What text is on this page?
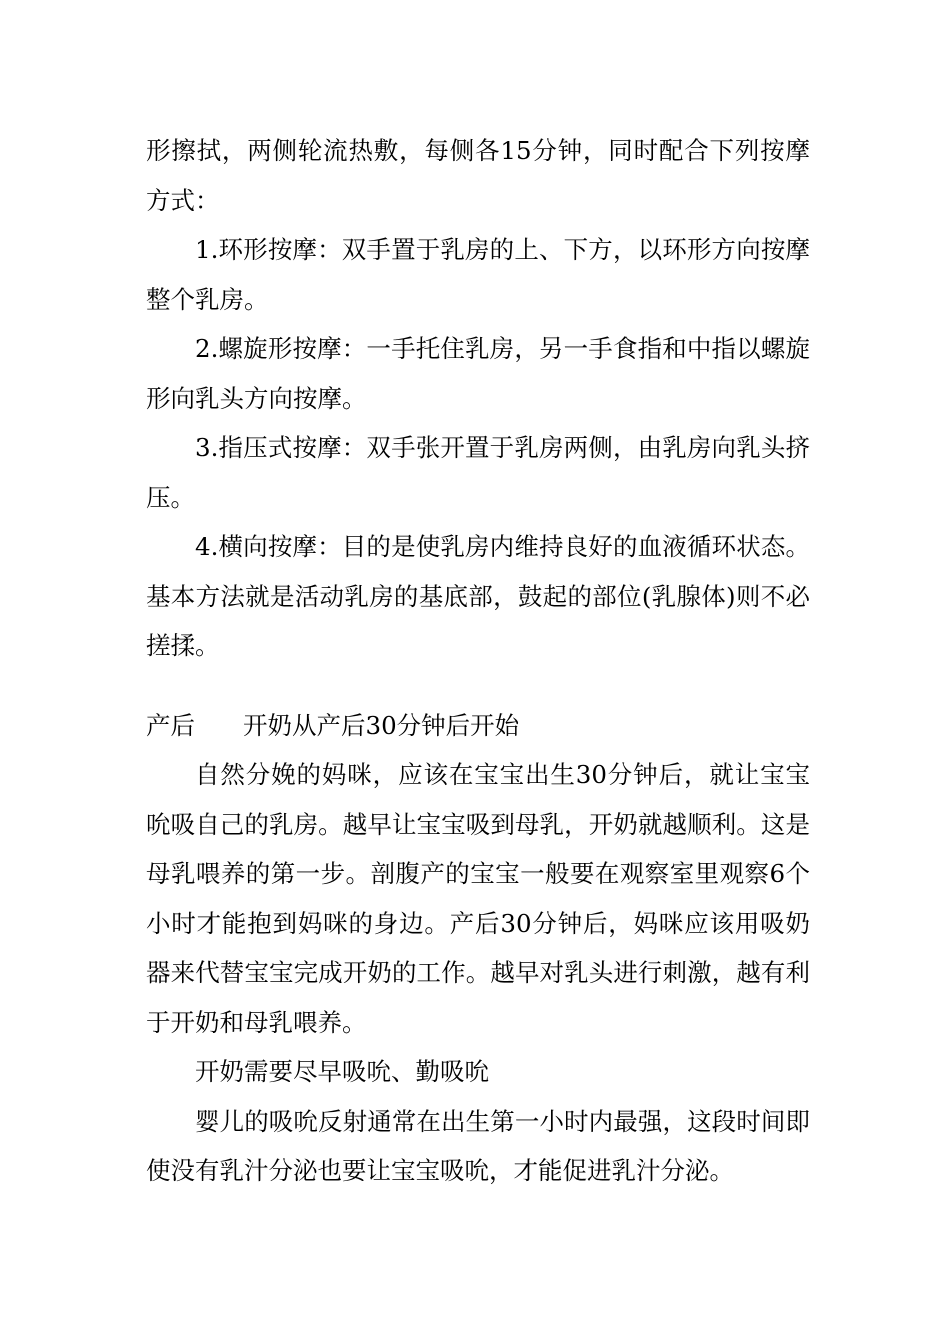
形擦拭，两侧轮流热敷，每侧各15分钟，同时配合下列按摩方式：

1.环形按摩：双手置于乳房的上、下方，以环形方向按摩整个乳房。

2.螺旋形按摩：一手托住乳房，另一手食指和中指以螺旋形向乳头方向按摩。

3.指压式按摩：双手张开置于乳房两侧，由乳房向乳头挤压。

4.横向按摩：目的是使乳房内维持良好的血液循环状态。基本方法就是活动乳房的基底部，鼓起的部位(乳腺体)则不必搓揉。

产后 开奶从产后30分钟后开始

自然分娩的妈咪，应该在宝宝出生30分钟后，就让宝宝吮吸自己的乳房。越早让宝宝吸到母乳，开奶就越顺利。这是母乳喂养的第一步。剖腹产的宝宝一般要在观察室里观察6个小时才能抱到妈咪的身边。产后30分钟后，妈咪应该用吸奶器来代替宝宝完成开奶的工作。越早对乳头进行刺激，越有利于开奶和母乳喂养。

开奶需要尽早吸吮、勤吸吮

婴儿的吸吮反射通常在出生第一小时内最强，这段时间即使没有乳汁分泌也要让宝宝吸吮，才能促进乳汁分泌。
